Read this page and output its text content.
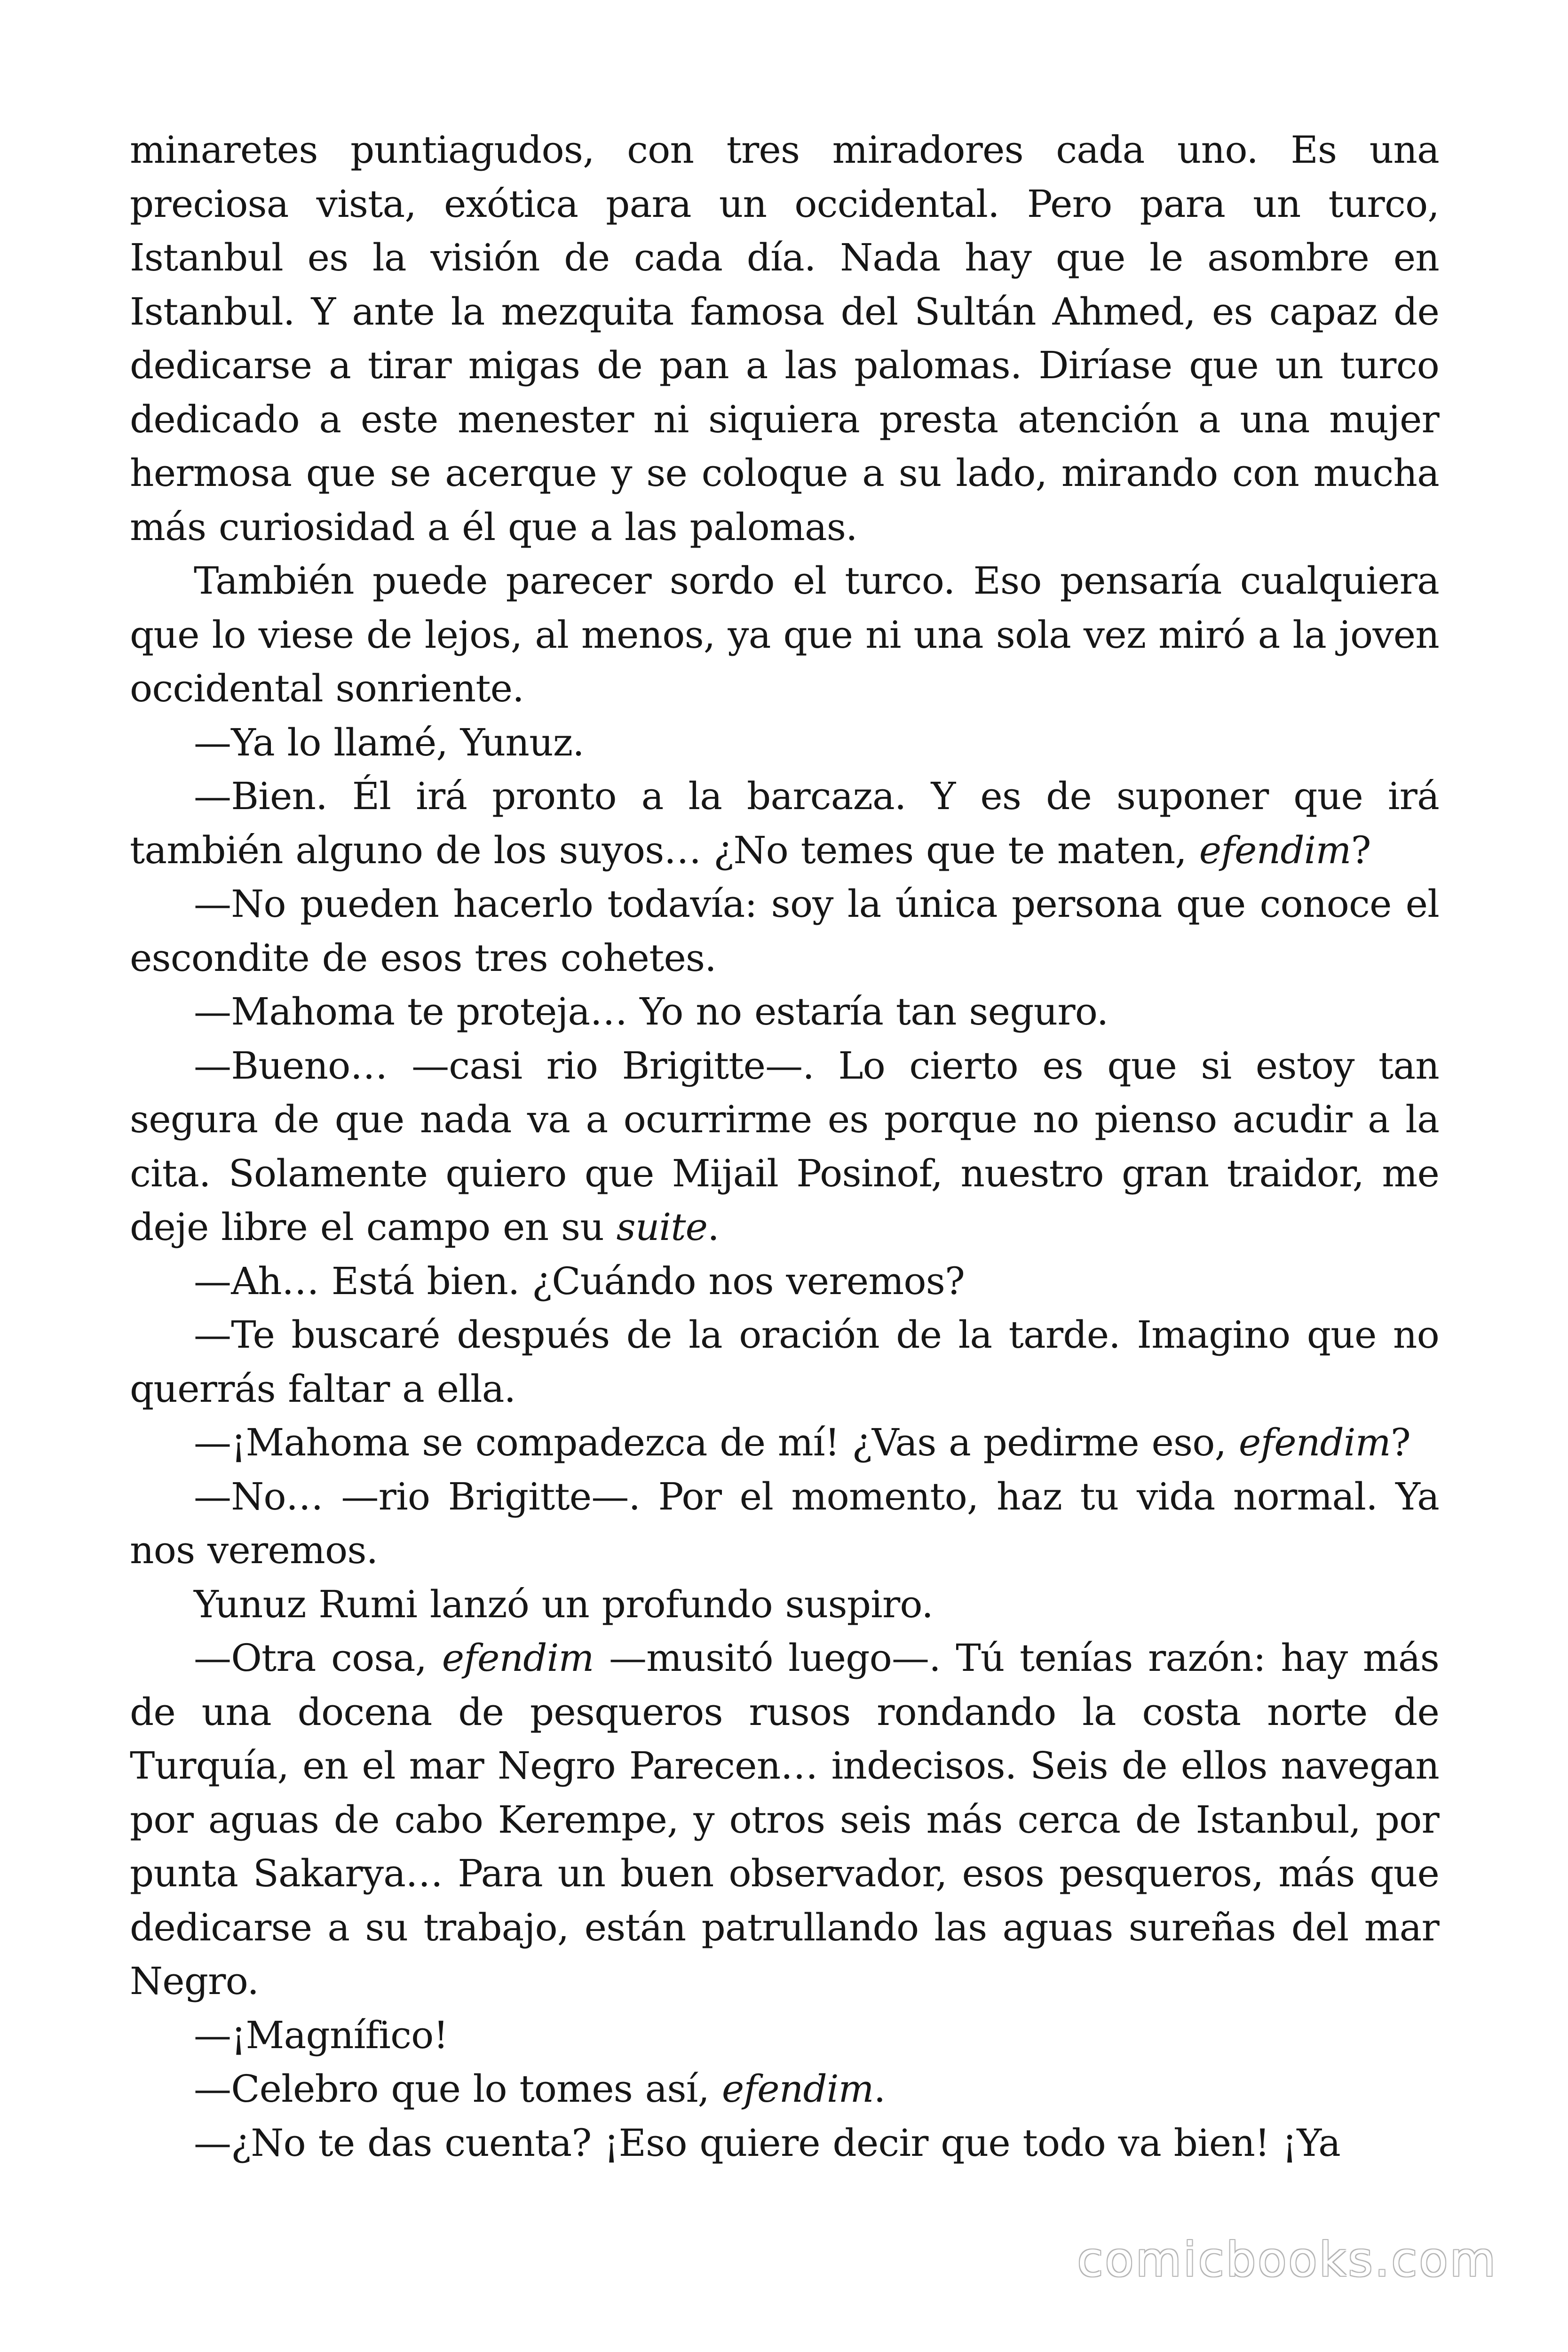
minaretes puntiagudos, con tres miradores cada uno. Es una preciosa vista, exótica para un occidental. Pero para un turco, Istanbul es la visión de cada día. Nada hay que le asombre en Istanbul. Y ante la mezquita famosa del Sultán Ahmed, es capaz de dedicarse a tirar migas de pan a las palomas. Diríase que un turco dedicado a este menester ni siquiera presta atención a una mujer hermosa que se acerque y se coloque a su lado, mirando con mucha más curiosidad a él que a las palomas.

También puede parecer sordo el turco. Eso pensaría cualquiera que lo viese de lejos, al menos, ya que ni una sola vez miró a la joven occidental sonriente.

—Ya lo llamé, Yunuz.

—Bien. Él irá pronto a la barcaza. Y es de suponer que irá también alguno de los suyos… ¿No temes que te maten, efendim?

—No pueden hacerlo todavía: soy la única persona que conoce el escondite de esos tres cohetes.

—Mahoma te proteja… Yo no estaría tan seguro.

—Bueno… —casi rio Brigitte—. Lo cierto es que si estoy tan segura de que nada va a ocurrirme es porque no pienso acudir a la cita. Solamente quiero que Mijail Posinof, nuestro gran traidor, me deje libre el campo en su suite.

—Ah… Está bien. ¿Cuándo nos veremos?

—Te buscaré después de la oración de la tarde. Imagino que no querrás faltar a ella.

—¡Mahoma se compadezca de mí! ¿Vas a pedirme eso, efendim?

—No… —rio Brigitte—. Por el momento, haz tu vida normal. Ya nos veremos.

Yunuz Rumi lanzó un profundo suspiro.

—Otra cosa, efendim —musitó luego—. Tú tenías razón: hay más de una docena de pesqueros rusos rondando la costa norte de Turquía, en el mar Negro Parecen… indecisos. Seis de ellos navegan por aguas de cabo Kerempe, y otros seis más cerca de Istanbul, por punta Sakarya… Para un buen observador, esos pesqueros, más que dedicarse a su trabajo, están patrullando las aguas sureñas del mar Negro.

—¡Magnífico!

—Celebro que lo tomes así, efendim.

—¿No te das cuenta? ¡Eso quiere decir que todo va bien! ¡Ya

comicbooks.com
